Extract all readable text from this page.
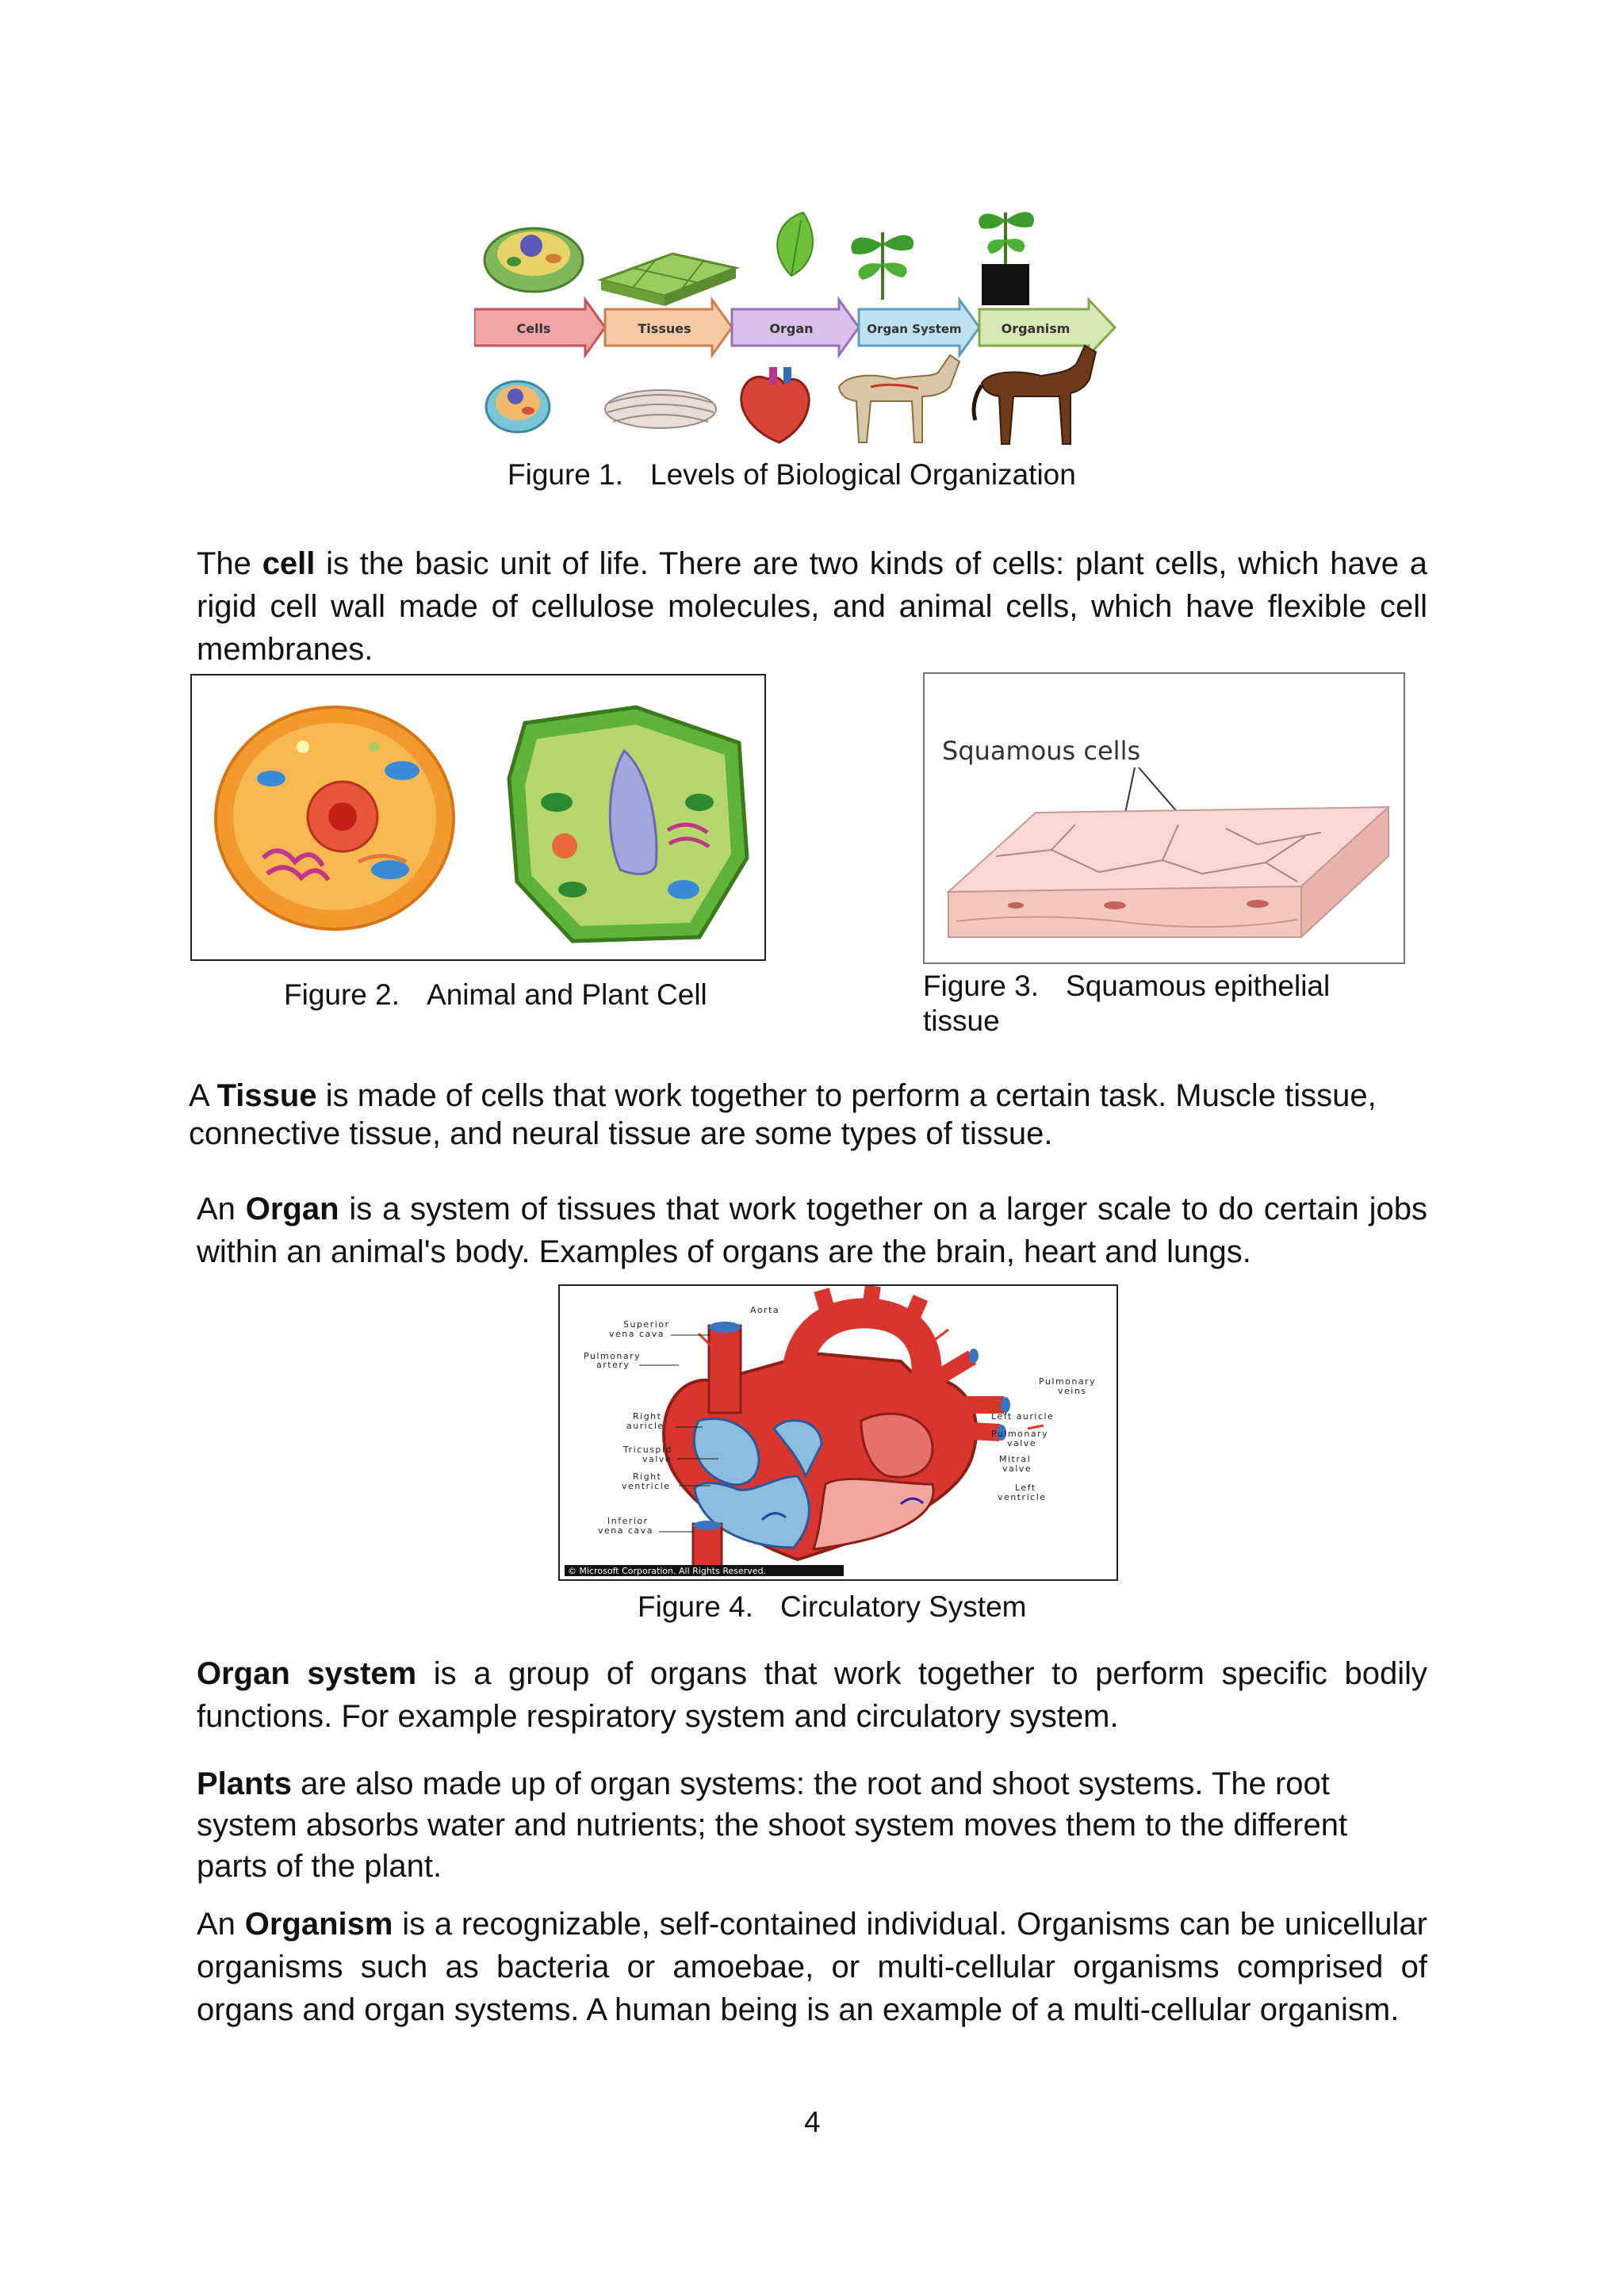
Cells	Tissues	Organ	Organ System	Organism
Figure 1. Levels of Biological Organization
The cell is the basic unit of life. There are two kinds of cells: plant cells, which have a rigid cell wall made of cellulose molecules, and animal cells, which have flexible cell membranes.
Figure 2. Animal and Plant Cell
Squamous cells
Figure 3. Squamous epithelial
tissue
A Tissue is made of cells that work together to perform a certain task. Muscle tissue, connective tissue, and neural tissue are some types of tissue.
An Organ is a system of tissues that work together on a larger scale to do certain jobs within an animal's body. Examples of organs are the brain, heart and lungs.
Superior
vena cava
Pulmonary
artery
Right
auricle
Tricuspid
valve
Right
ventricle
Inferior
vena cava
Aorta
Pulmonary
veins
Left auricle
Pulmonary
valve
Mitral
valve
Left
ventricle
© Microsoft Corporation. All Rights Reserved.
Figure 4. Circulatory System
Organ system is a group of organs that work together to perform specific bodily functions. For example respiratory system and circulatory system.
Plants are also made up of organ systems: the root and shoot systems. The root system absorbs water and nutrients; the shoot system moves them to the different parts of the plant.
An Organism is a recognizable, self-contained individual. Organisms can be unicellular organisms such as bacteria or amoebae, or multi-cellular organisms comprised of organs and organ systems. A human being is an example of a multi-cellular organism.
4
